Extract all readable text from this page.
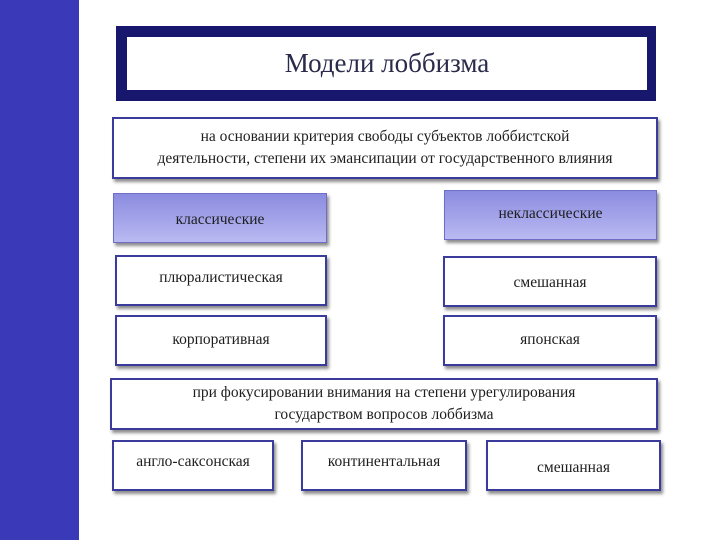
Модели лоббизма
на основании критерия свободы субъектов лоббистской
деятельности, степени их эмансипации от государственного влияния
классические	неклассические
плюралистическая
корпоративная
смешанная
японская
при фокусировании внимания на степени урегулирования
государством вопросов лоббизма
англо-саксонская	континентальная	смешанная
